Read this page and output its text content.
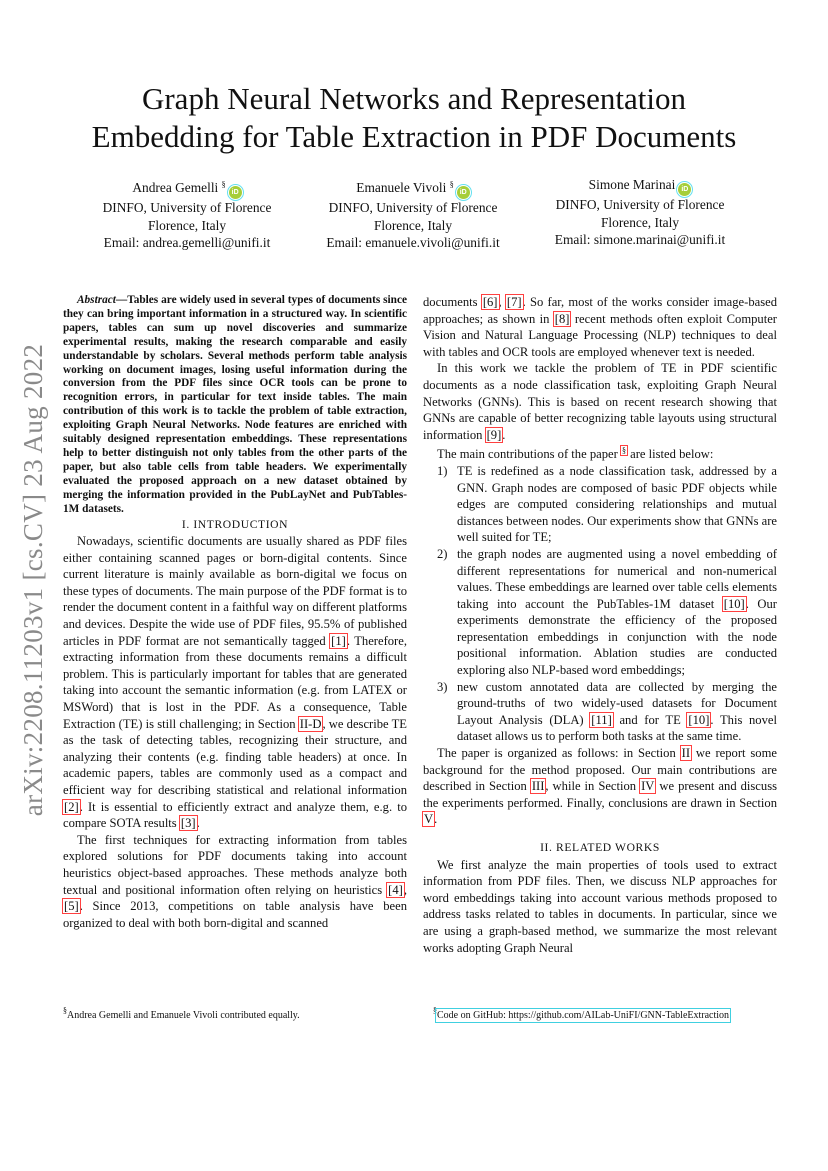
arXiv:2208.11203v1 [cs.CV] 23 Aug 2022
Graph Neural Networks and Representation
Embedding for Table Extraction in PDF Documents
Andrea Gemelli §iD
DINFO, University of Florence
Florence, Italy
Email: andrea.gemelli@unifi.it
Emanuele Vivoli §iD
DINFO, University of Florence
Florence, Italy
Email: emanuele.vivoli@unifi.it
Simone Marinai iD
DINFO, University of Florence
Florence, Italy
Email: simone.marinai@unifi.it

Abstract—Tables are widely used in several types of documents since they can bring important information in a structured way. In scientific papers, tables can sum up novel discoveries and summarize experimental results, making the research comparable and easily understandable by scholars. Several methods perform table analysis working on document images, losing useful information during the conversion from the PDF files since OCR tools can be prone to recognition errors, in particular for text inside tables. The main contribution of this work is to tackle the problem of table extraction, exploiting Graph Neural Networks. Node features are enriched with suitably designed representation embeddings. These representations help to better distinguish not only tables from the other parts of the paper, but also table cells from table headers. We experimentally evaluated the proposed approach on a new dataset obtained by merging the information provided in the PubLayNet and PubTables-1M datasets.

I. INTRODUCTION

Nowadays, scientific documents are usually shared as PDF files either containing scanned pages or born-digital contents. Since current literature is mainly available as born-digital we focus on these types of documents. The main purpose of the PDF format is to render the document content in a faithful way on different platforms and devices. Despite the wide use of PDF files, 95.5% of published articles in PDF format are not semantically tagged [1]. Therefore, extracting information from these documents remains a difficult problem. This is particularly important for tables that are generated taking into account the semantic information (e.g. from LATEX or MSWord) that is lost in the PDF. As a consequence, Table Extraction (TE) is still challenging; in Section II-D, we describe TE as the task of detecting tables, recognizing their structure, and analyzing their contents (e.g. finding table headers) at once. In academic papers, tables are commonly used as a compact and efficient way for describing statistical and relational information [2]. It is essential to efficiently extract and analyze them, e.g. to compare SOTA results [3].

The first techniques for extracting information from tables explored solutions for PDF documents taking into account heuristics object-based approaches. These methods analyze both textual and positional information often relying on heuristics [4], [5]. Since 2013, competitions on table analysis have been organized to deal with both born-digital and scanned

documents [6], [7]. So far, most of the works consider image-based approaches; as shown in [8] recent methods often exploit Computer Vision and Natural Language Processing (NLP) techniques to deal with tables and OCR tools are employed whenever text is needed.

In this work we tackle the problem of TE in PDF scientific documents as a node classification task, exploiting Graph Neural Networks (GNNs). This is based on recent research showing that GNNs are capable of better recognizing table layouts using structural information [9].

The main contributions of the paper § are listed below:

1) TE is redefined as a node classification task, addressed by a GNN. Graph nodes are composed of basic PDF objects while edges are computed considering relationships and mutual distances between nodes. Our experiments show that GNNs are well suited for TE;
2) the graph nodes are augmented using a novel embedding of different representations for numerical and non-numerical values. These embeddings are learned over table cells elements taking into account the PubTables-1M dataset [10]. Our experiments demonstrate the efficiency of the proposed representation embeddings in conjunction with the node positional information. Ablation studies are conducted exploring also NLP-based word embeddings;
3) new custom annotated data are collected by merging the ground-truths of two widely-used datasets for Document Layout Analysis (DLA) [11] and for TE [10]. This novel dataset allows us to perform both tasks at the same time.

The paper is organized as follows: in Section II we report some background for the method proposed. Our main contributions are described in Section III, while in Section IV we present and discuss the experiments performed. Finally, conclusions are drawn in Section V.

II. RELATED WORKS

We first analyze the main properties of tools used to extract information from PDF files. Then, we discuss NLP approaches for word embeddings taking into account various methods proposed to address tasks related to tables in documents. In particular, since we are using a graph-based method, we summarize the most relevant works adopting Graph Neural

§Andrea Gemelli and Emanuele Vivoli contributed equally.	§Code on GitHub: https://github.com/AILab-UniFI/GNN-TableExtraction
